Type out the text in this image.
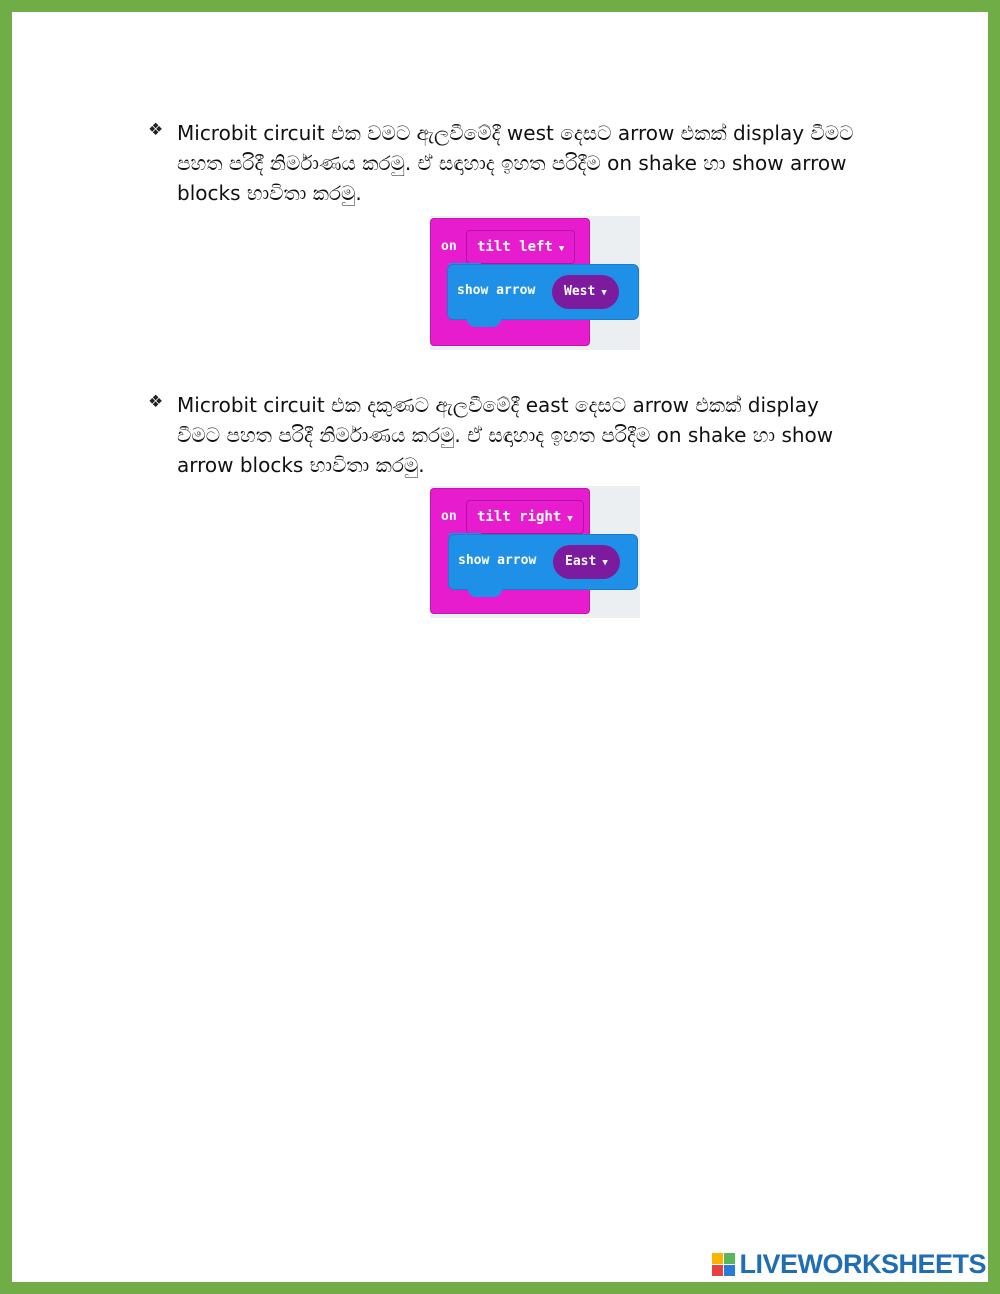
❖ Microbit circuit එක වමට ඇලවීමේදී west දෙසට arrow එකක් display වීමට පහත පරිදී නිර්මාණය කරමු. ඒ සඳාහාද ඉහත පරිදීම on shake හා show arrow blocks භාවිතා කරමු.

on	tilt left ▼
show arrow	West ▼
❖ Microbit circuit එක දකුණට ඇලවීමේදී east දෙසට arrow එකක් display වීමට පහත පරිදී නිර්මාණය කරමු. ඒ සඳාහාද ඉහත පරිදීම on shake හා show arrow blocks භාවිතා කරමු.

on	tilt right ▼
show arrow	East ▼
LIVEWORKSHEETS
